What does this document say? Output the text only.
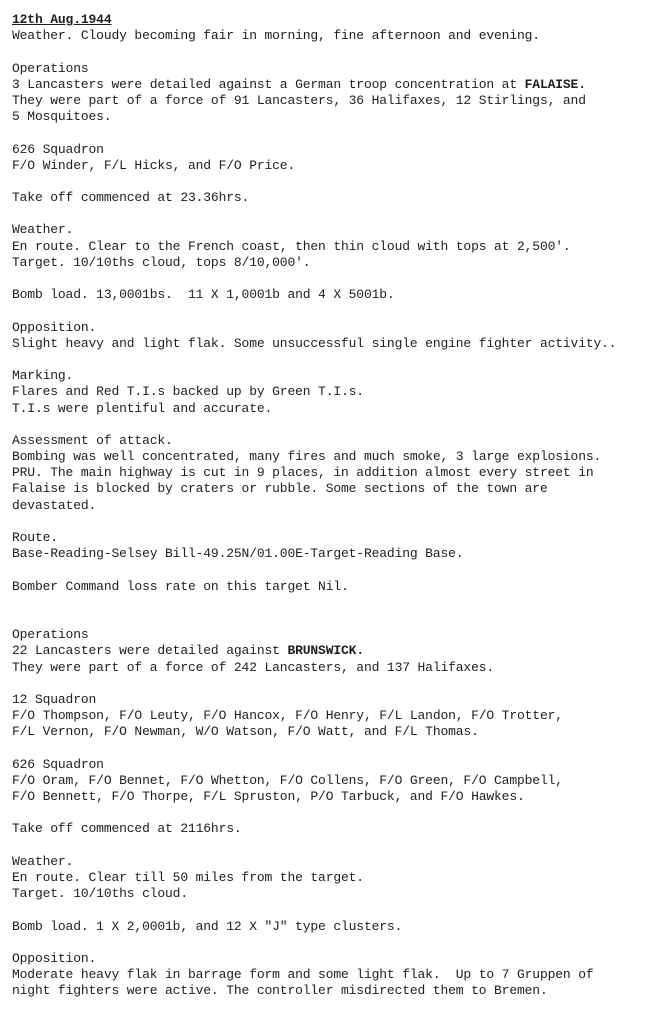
12th Aug.1944
Weather. Cloudy becoming fair in morning, fine afternoon and evening.
Operations
3 Lancasters were detailed against a German troop concentration at FALAISE.
They were part of a force of 91 Lancasters, 36 Halifaxes, 12 Stirlings, and
5 Mosquitoes.
626 Squadron
F/O Winder, F/L Hicks, and F/O Price.
Take off commenced at 23.36hrs.
Weather.
En route. Clear to the French coast, then thin cloud with tops at 2,500'.
Target. 10/10ths cloud, tops 8/10,000'.
Bomb load. 13,0001bs.  11 X 1,0001b and 4 X 5001b.
Opposition.
Slight heavy and light flak. Some unsuccessful single engine fighter activity..
Marking.
Flares and Red T.I.s backed up by Green T.I.s.
T.I.s were plentiful and accurate.
Assessment of attack.
Bombing was well concentrated, many fires and much smoke, 3 large explosions.
PRU. The main highway is cut in 9 places, in addition almost every street in
Falaise is blocked by craters or rubble. Some sections of the town are
devastated.
Route.
Base-Reading-Selsey Bill-49.25N/01.00E-Target-Reading Base.
Bomber Command loss rate on this target Nil.
Operations
22 Lancasters were detailed against BRUNSWICK.
They were part of a force of 242 Lancasters, and 137 Halifaxes.
12 Squadron
F/O Thompson, F/O Leuty, F/O Hancox, F/O Henry, F/L Landon, F/O Trotter,
F/L Vernon, F/O Newman, W/O Watson, F/O Watt, and F/L Thomas.
626 Squadron
F/O Oram, F/O Bennet, F/O Whetton, F/O Collens, F/O Green, F/O Campbell,
F/O Bennett, F/O Thorpe, F/L Spruston, P/O Tarbuck, and F/O Hawkes.
Take off commenced at 2116hrs.
Weather.
En route. Clear till 50 miles from the target.
Target. 10/10ths cloud.
Bomb load. 1 X 2,0001b, and 12 X "J" type clusters.
Opposition.
Moderate heavy flak in barrage form and some light flak.  Up to 7 Gruppen of
night fighters were active. The controller misdirected them to Bremen.
